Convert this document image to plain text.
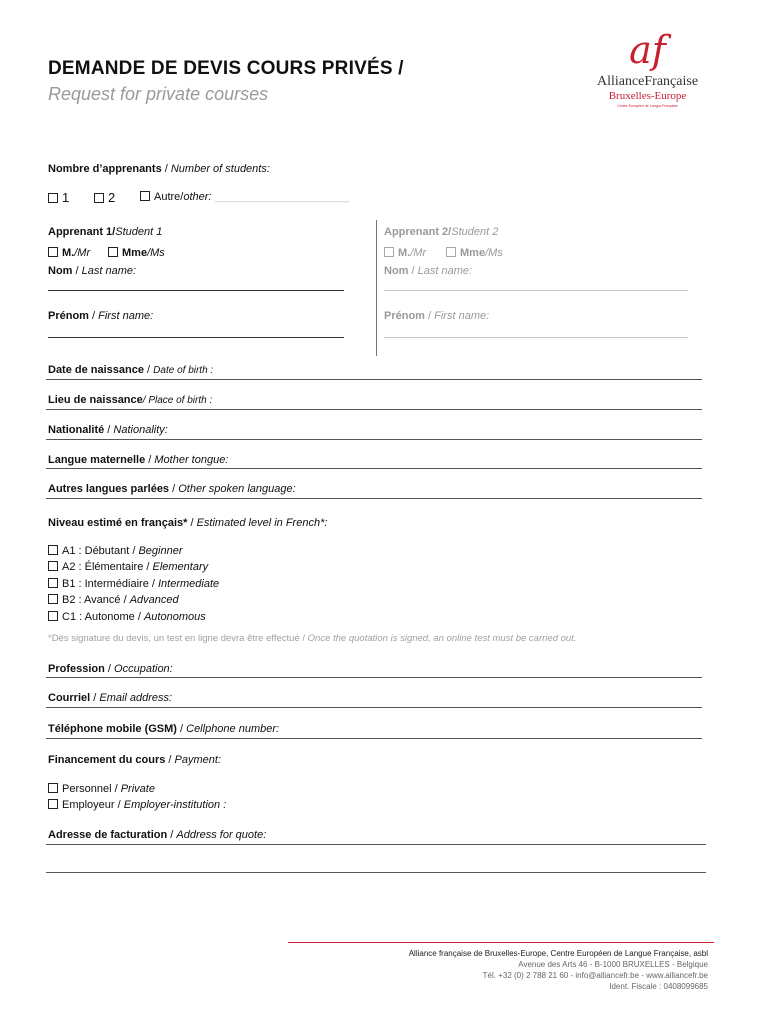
DEMANDE DE DEVIS COURS PRIVÉS /
Request for private courses
af
AllianceFrançaise
Bruxelles-Europe
Centre Européen de Langue Française
Nombre d’apprenants / Number of students:
1	2	Autre/other: ______________________
Apprenant 1/Student 1
M./Mr	Mme/Ms
Nom / Last name:
Prénom / First name:
Apprenant 2/Student 2
M./Mr	Mme/Ms
Nom / Last name:
Prénom / First name:
Date de naissance / Date of birth :
Lieu de naissance/ Place of birth :
Nationalité / Nationality:
Langue maternelle / Mother tongue:
Autres langues parlées / Other spoken language:
Niveau estimé en français* / Estimated level in French*:
A1 : Débutant / Beginner
A2 : Élémentaire / Elementary
B1 : Intermédiaire / Intermediate
B2 : Avancé / Advanced
C1 : Autonome / Autonomous
*Dès signature du devis, un test en ligne devra être effectué / Once the quotation is signed, an online test must be carried out.
Profession / Occupation:
Courriel / Email address:
Téléphone mobile (GSM) / Cellphone number:
Financement du cours / Payment:
Personnel / Private
Employeur / Employer-institution :
Adresse de facturation / Address for quote:
Alliance française de Bruxelles-Europe, Centre Européen de Langue Française, asbl
Avenue des Arts 46 - B-1000 BRUXELLES - Belgique
Tél. +32 (0) 2 788 21 60 - info@alliancefr.be - www.alliancefr.be
Ident. Fiscale : 0408099685
